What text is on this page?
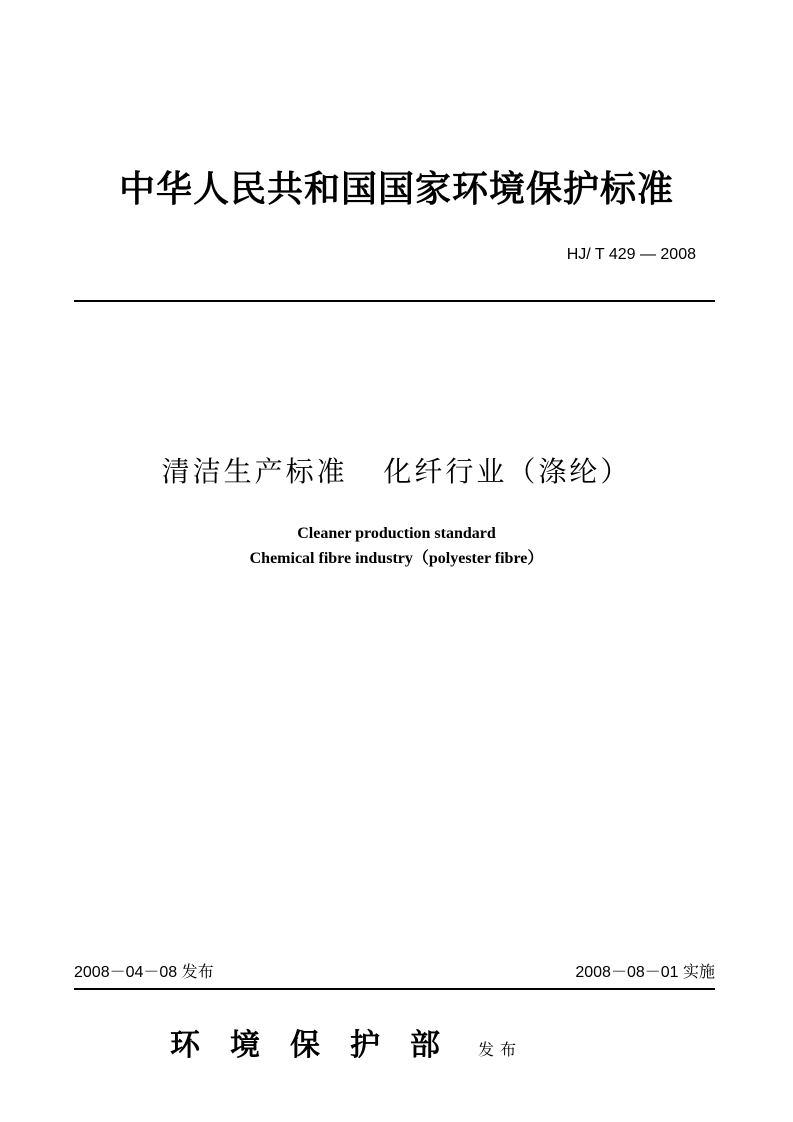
中华人民共和国国家环境保护标准
HJ/ T 429 — 2008
清洁生产标准   化纤行业（涤纶）
Cleaner production standard
Chemical fibre industry（polyester fibre）
2008－04－08 发布	2008－08－01 实施
环境保护部 发布
